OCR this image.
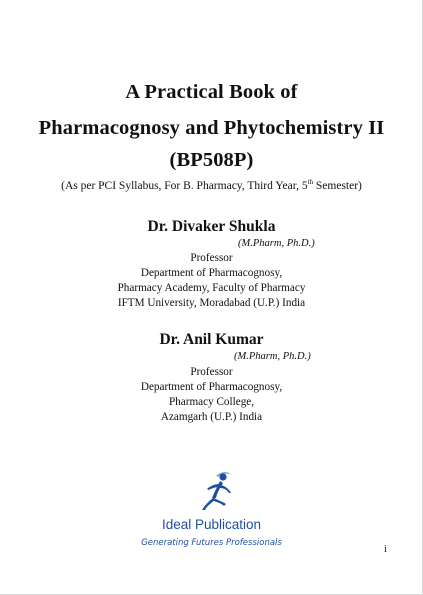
A Practical Book of
Pharmacognosy and Phytochemistry II
(BP508P)
(As per PCI Syllabus, For B. Pharmacy, Third Year, 5th Semester)
Dr. Divaker Shukla
(M.Pharm, Ph.D.)
Professor
Department of Pharmacognosy,
Pharmacy Academy, Faculty of Pharmacy
IFTM University, Moradabad (U.P.) India
Dr. Anil Kumar
(M.Pharm, Ph.D.)
Professor
Department of Pharmacognosy,
Pharmacy College,
Azamgarh (U.P.) India
Ideal Publication
Generating Futures Professionals
i
